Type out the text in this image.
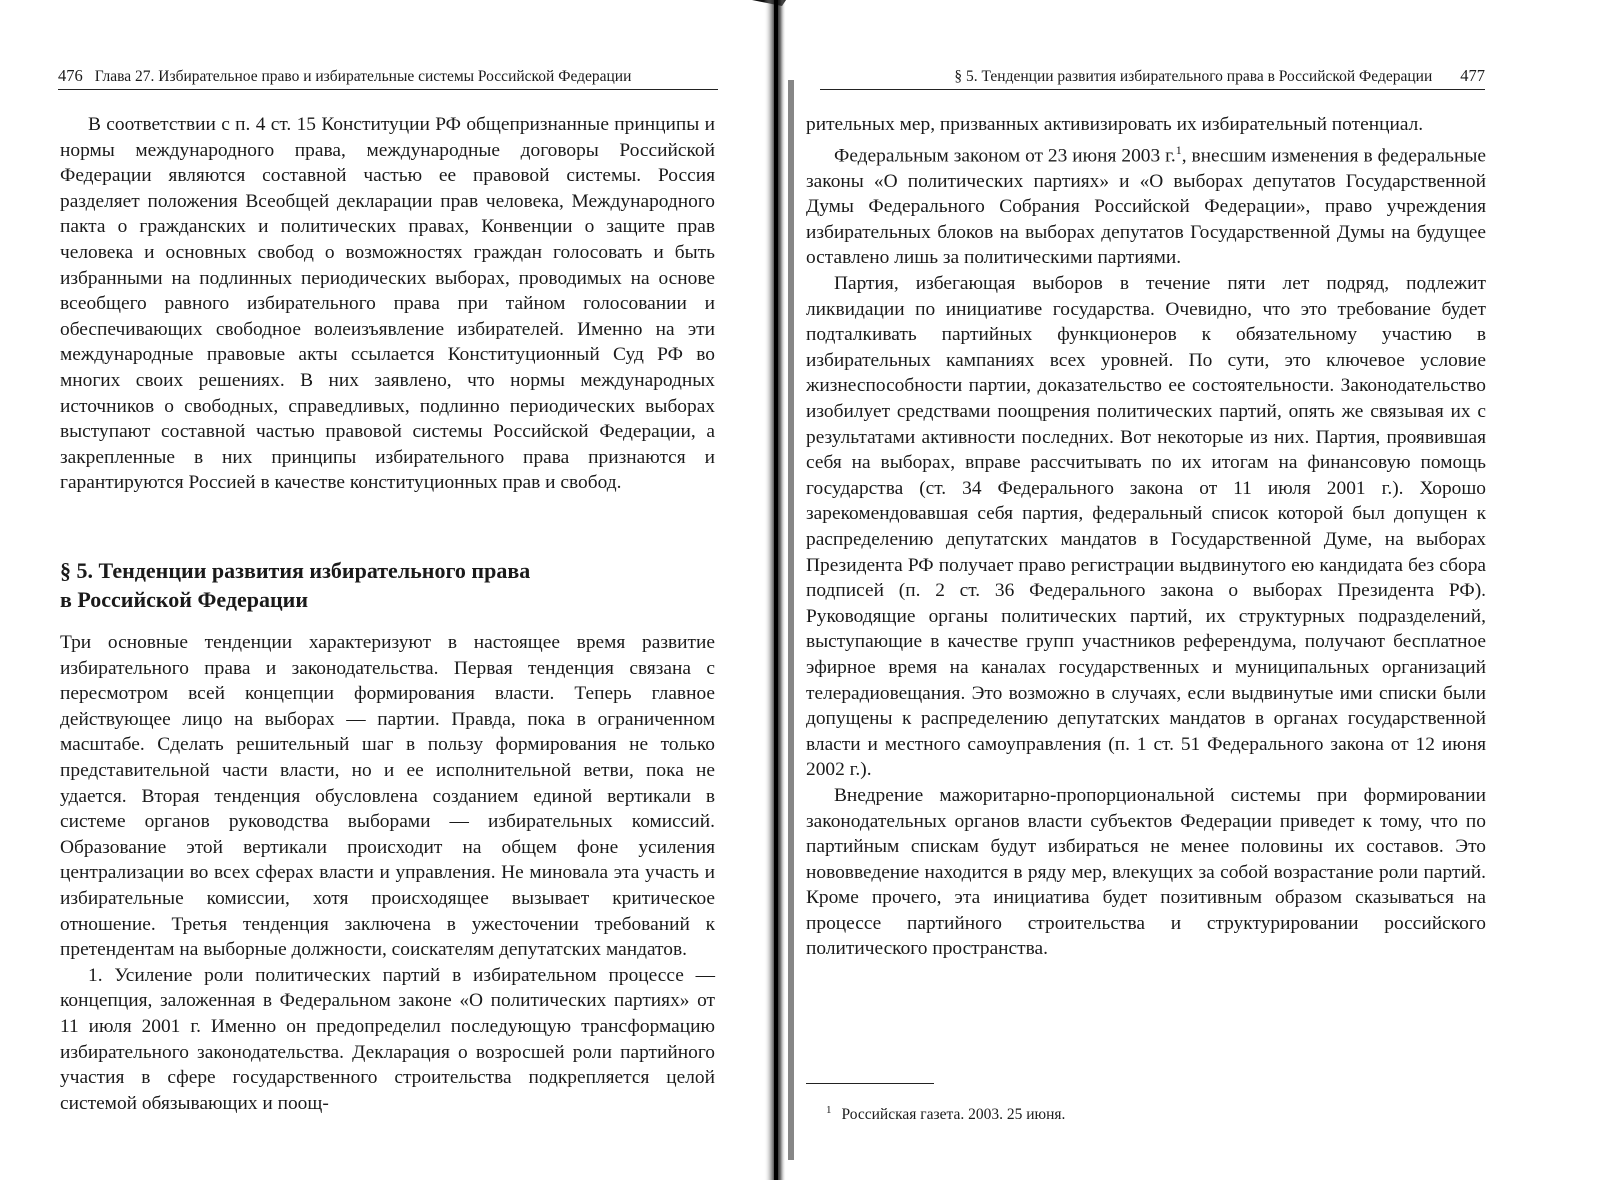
476 Глава 27. Избирательное право и избирательные системы Российской Федерации

В соответствии с п. 4 ст. 15 Конституции РФ общепризнанные принципы и нормы международного права, международные договоры Российской Федерации являются составной частью ее правовой системы. Россия разделяет положения Всеобщей декларации прав человека, Международного пакта о гражданских и политических правах, Конвенции о защите прав человека и основных свобод о возможностях граждан голосовать и быть избранными на подлинных периодических выборах, проводимых на основе всеобщего равного избирательного права при тайном голосовании и обеспечивающих свободное волеизъявление избирателей. Именно на эти международные правовые акты ссылается Конституционный Суд РФ во многих своих решениях. В них заявлено, что нормы международных источников о свободных, справедливых, подлинно периодических выборах выступают составной частью правовой системы Российской Федерации, а закрепленные в них принципы избирательного права признаются и гарантируются Россией в качестве конституционных прав и свобод.

§ 5. Тенденции развития избирательного права

в Российской Федерации

Три основные тенденции характеризуют в настоящее время развитие избирательного права и законодательства. Первая тенденция связана с пересмотром всей концепции формирования власти. Теперь главное действующее лицо на выборах — партии. Правда, пока в ограниченном масштабе. Сделать решительный шаг в пользу формирования не только представительной части власти, но и ее исполнительной ветви, пока не удается. Вторая тенденция обусловлена созданием единой вертикали в системе органов руководства выборами — избирательных комиссий. Образование этой вертикали происходит на общем фоне усиления централизации во всех сферах власти и управления. Не миновала эта участь и избирательные комиссии, хотя происходящее вызывает критическое отношение. Третья тенденция заключена в ужесточении требований к претендентам на выборные должности, соискателям депутатских мандатов.

1. Усиление роли политических партий в избирательном процессе — концепция, заложенная в Федеральном законе «О политических партиях» от 11 июля 2001 г. Именно он предопределил последующую трансформацию избирательного законодательства. Декларация о возросшей роли партийного участия в сфере государственного строительства подкрепляется целой системой обязывающих и поощ-

§ 5. Тенденции развития избирательного права в Российской Федерации 477

рительных мер, призванных активизировать их избирательный потенциал.

Федеральным законом от 23 июня 2003 г.$^1$, внесшим изменения в федеральные законы «О политических партиях» и «О выборах депутатов Государственной Думы Федерального Собрания Российской Федерации», право учреждения избирательных блоков на выборах депутатов Государственной Думы на будущее оставлено лишь за политическими партиями.

Партия, избегающая выборов в течение пяти лет подряд, подлежит ликвидации по инициативе государства. Очевидно, что это требование будет подталкивать партийных функционеров к обязательному участию в избирательных кампаниях всех уровней. По сути, это ключевое условие жизнеспособности партии, доказательство ее состоятельности. Законодательство изобилует средствами поощрения политических партий, опять же связывая их с результатами активности последних. Вот некоторые из них. Партия, проявившая себя на выборах, вправе рассчитывать по их итогам на финансовую помощь государства (ст. 34 Федерального закона от 11 июля 2001 г.). Хорошо зарекомендовавшая себя партия, федеральный список которой был допущен к распределению депутатских мандатов в Государственной Думе, на выборах Президента РФ получает право регистрации выдвинутого ею кандидата без сбора подписей (п. 2 ст. 36 Федерального закона о выборах Президента РФ). Руководящие органы политических партий, их структурных подразделений, выступающие в качестве групп участников референдума, получают бесплатное эфирное время на каналах государственных и муниципальных организаций телерадиовещания. Это возможно в случаях, если выдвинутые ими списки были допущены к распределению депутатских мандатов в органах государственной власти и местного самоуправления (п. 1 ст. 51 Федерального закона от 12 июня 2002 г.).

Внедрение мажоритарно-пропорциональной системы при формировании законодательных органов власти субъектов Федерации приведет к тому, что по партийным спискам будут избираться не менее половины их составов. Это нововведение находится в ряду мер, влекущих за собой возрастание роли партий. Кроме прочего, эта инициатива будет позитивным образом сказываться на процессе партийного строительства и структурировании российского политического пространства.

$^1$ Российская газета. 2003. 25 июня.
